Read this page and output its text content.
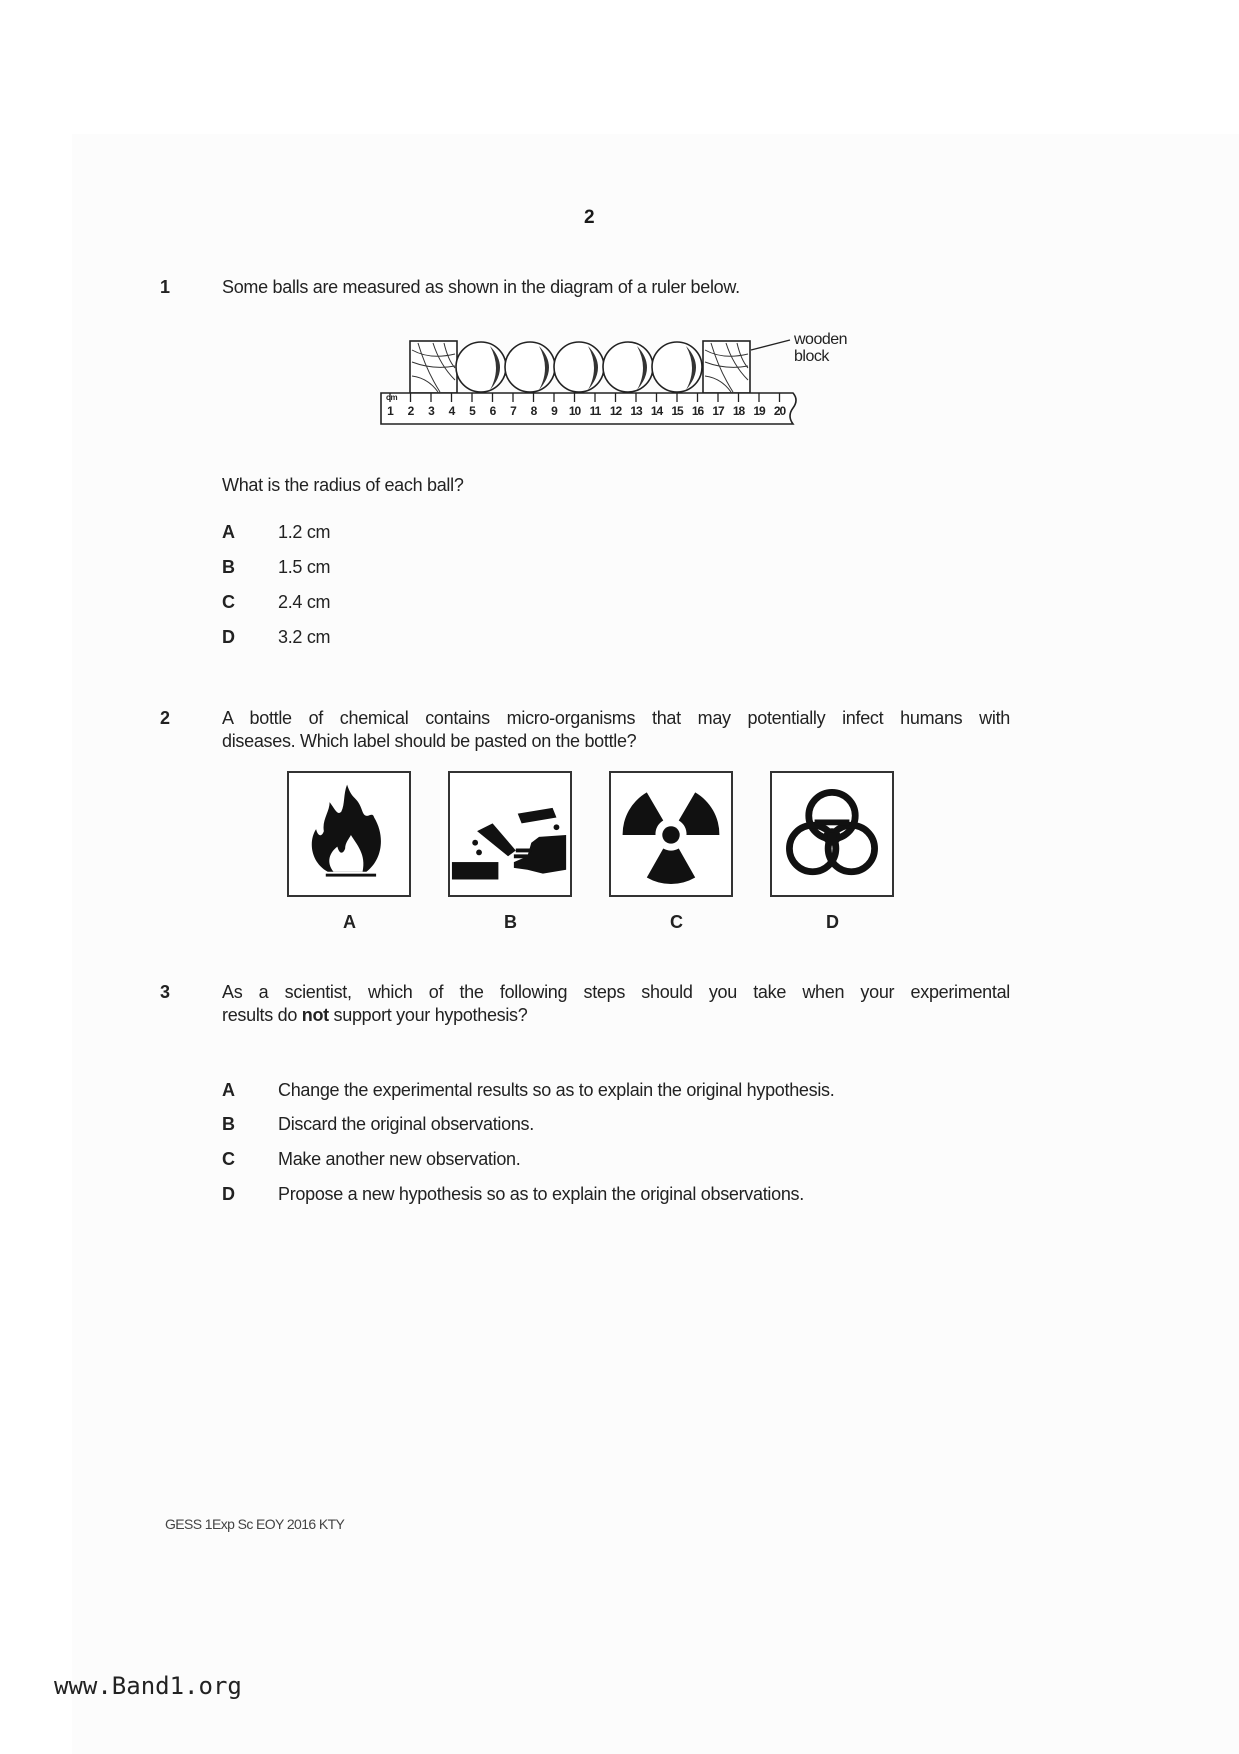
2
1	Some balls are measured as shown in the diagram of a ruler below.
cm
1	2	3	4	5	6	7	8	9 10 11 12 13 14 15 16 17 18 19 20
wooden
block
What is the radius of each ball?
A 1.2 cm
B 1.5 cm
C 2.4 cm
D 3.2 cm
2	A bottle of chemical contains micro-organisms that may potentially infect humans with
diseases. Which label should be pasted on the bottle?
A	B	C	D
3	As a scientist, which of the following steps should you take when your experimental
results do not support your hypothesis?
A Change the experimental results so as to explain the original hypothesis.
B Discard the original observations.
C Make another new observation.
D Propose a new hypothesis so as to explain the original observations.
GESS 1Exp Sc EOY 2016 KTY
www.Band1.org
